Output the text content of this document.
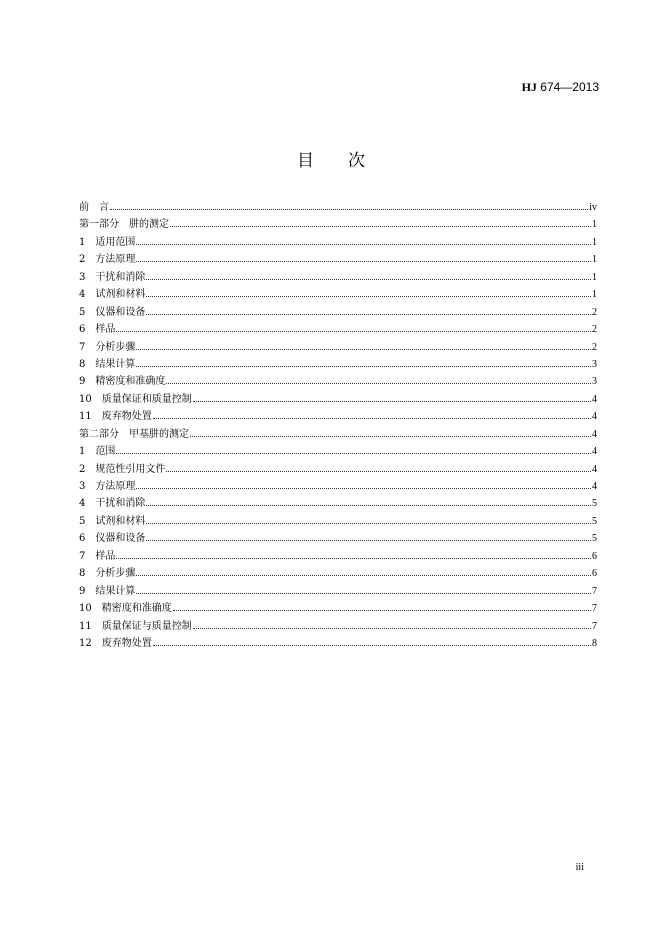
HJ 674—2013
目次
前　言	iv
第一部分　肼的测定	1
1　适用范围	1
2　方法原理	1
3　干扰和消除	1
4　试剂和材料	1
5　仪器和设备	2
6　样品	2
7　分析步骤	2
8　结果计算	3
9　精密度和准确度	3
10　质量保证和质量控制	4
11　废弃物处置	4
第二部分　甲基肼的测定	4
1　范围	4
2　规范性引用文件	4
3　方法原理	4
4　干扰和消除	5
5　试剂和材料	5
6　仪器和设备	5
7　样品	6
8　分析步骤	6
9　结果计算	7
10　精密度和准确度	7
11　质量保证与质量控制	7
12　废弃物处置	8
iii
